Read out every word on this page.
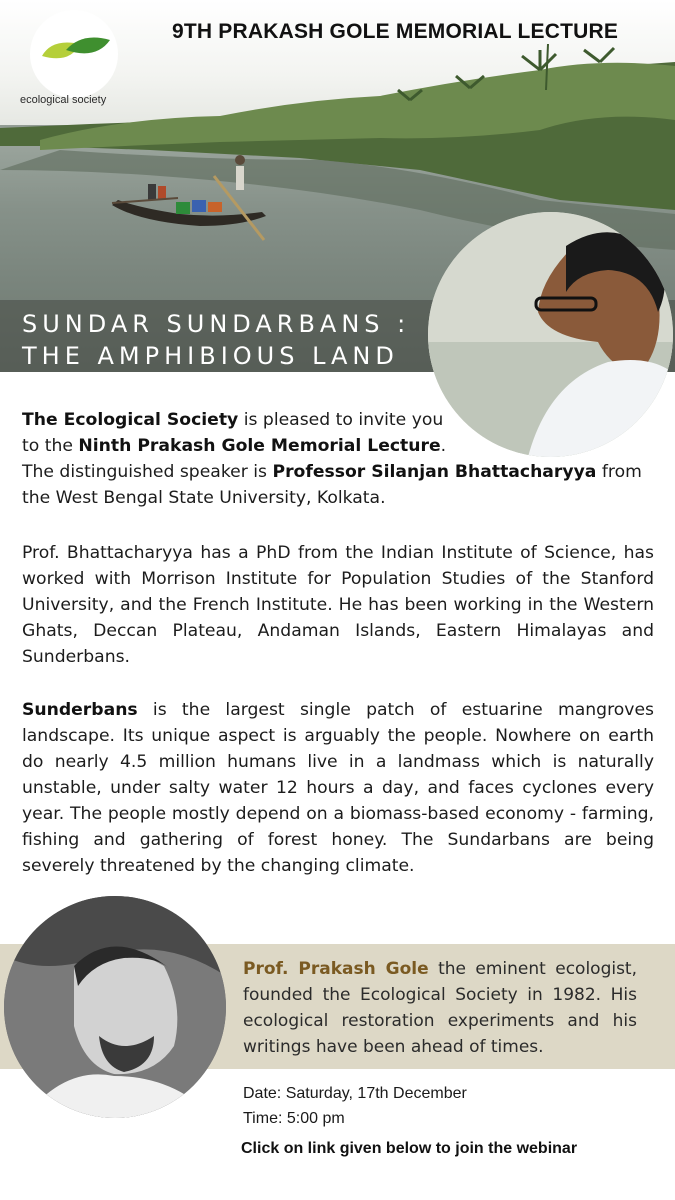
ecological society
9TH PRAKASH GOLE MEMORIAL LECTURE
SUNDAR SUNDARBANS :
THE AMPHIBIOUS LAND
The Ecological Society is pleased to invite you
to the Ninth Prakash Gole Memorial Lecture.
The distinguished speaker is Professor Silanjan Bhattacharyya from
the West Bengal State University, Kolkata.
Prof. Bhattacharyya has a PhD from the Indian Institute of Science, has worked with Morrison Institute for Population Studies of the Stanford University, and the French Institute. He has been working in the Western Ghats, Deccan Plateau, Andaman Islands, Eastern Himalayas and Sunderbans.
Sunderbans is the largest single patch of estuarine mangroves landscape. Its unique aspect is arguably the people. Nowhere on earth do nearly 4.5 million humans live in a landmass which is naturally unstable, under salty water 12 hours a day, and faces cyclones every year. The people mostly depend on a biomass-based economy - farming, fishing and gathering of forest honey. The Sundarbans are being severely threatened by the changing climate.
Prof. Prakash Gole the eminent ecologist, founded the Ecological Society in 1982. His ecological restoration experiments and his writings have been ahead of times.
Date: Saturday, 17th December
Time: 5:00 pm
Click on link given below to join the webinar
